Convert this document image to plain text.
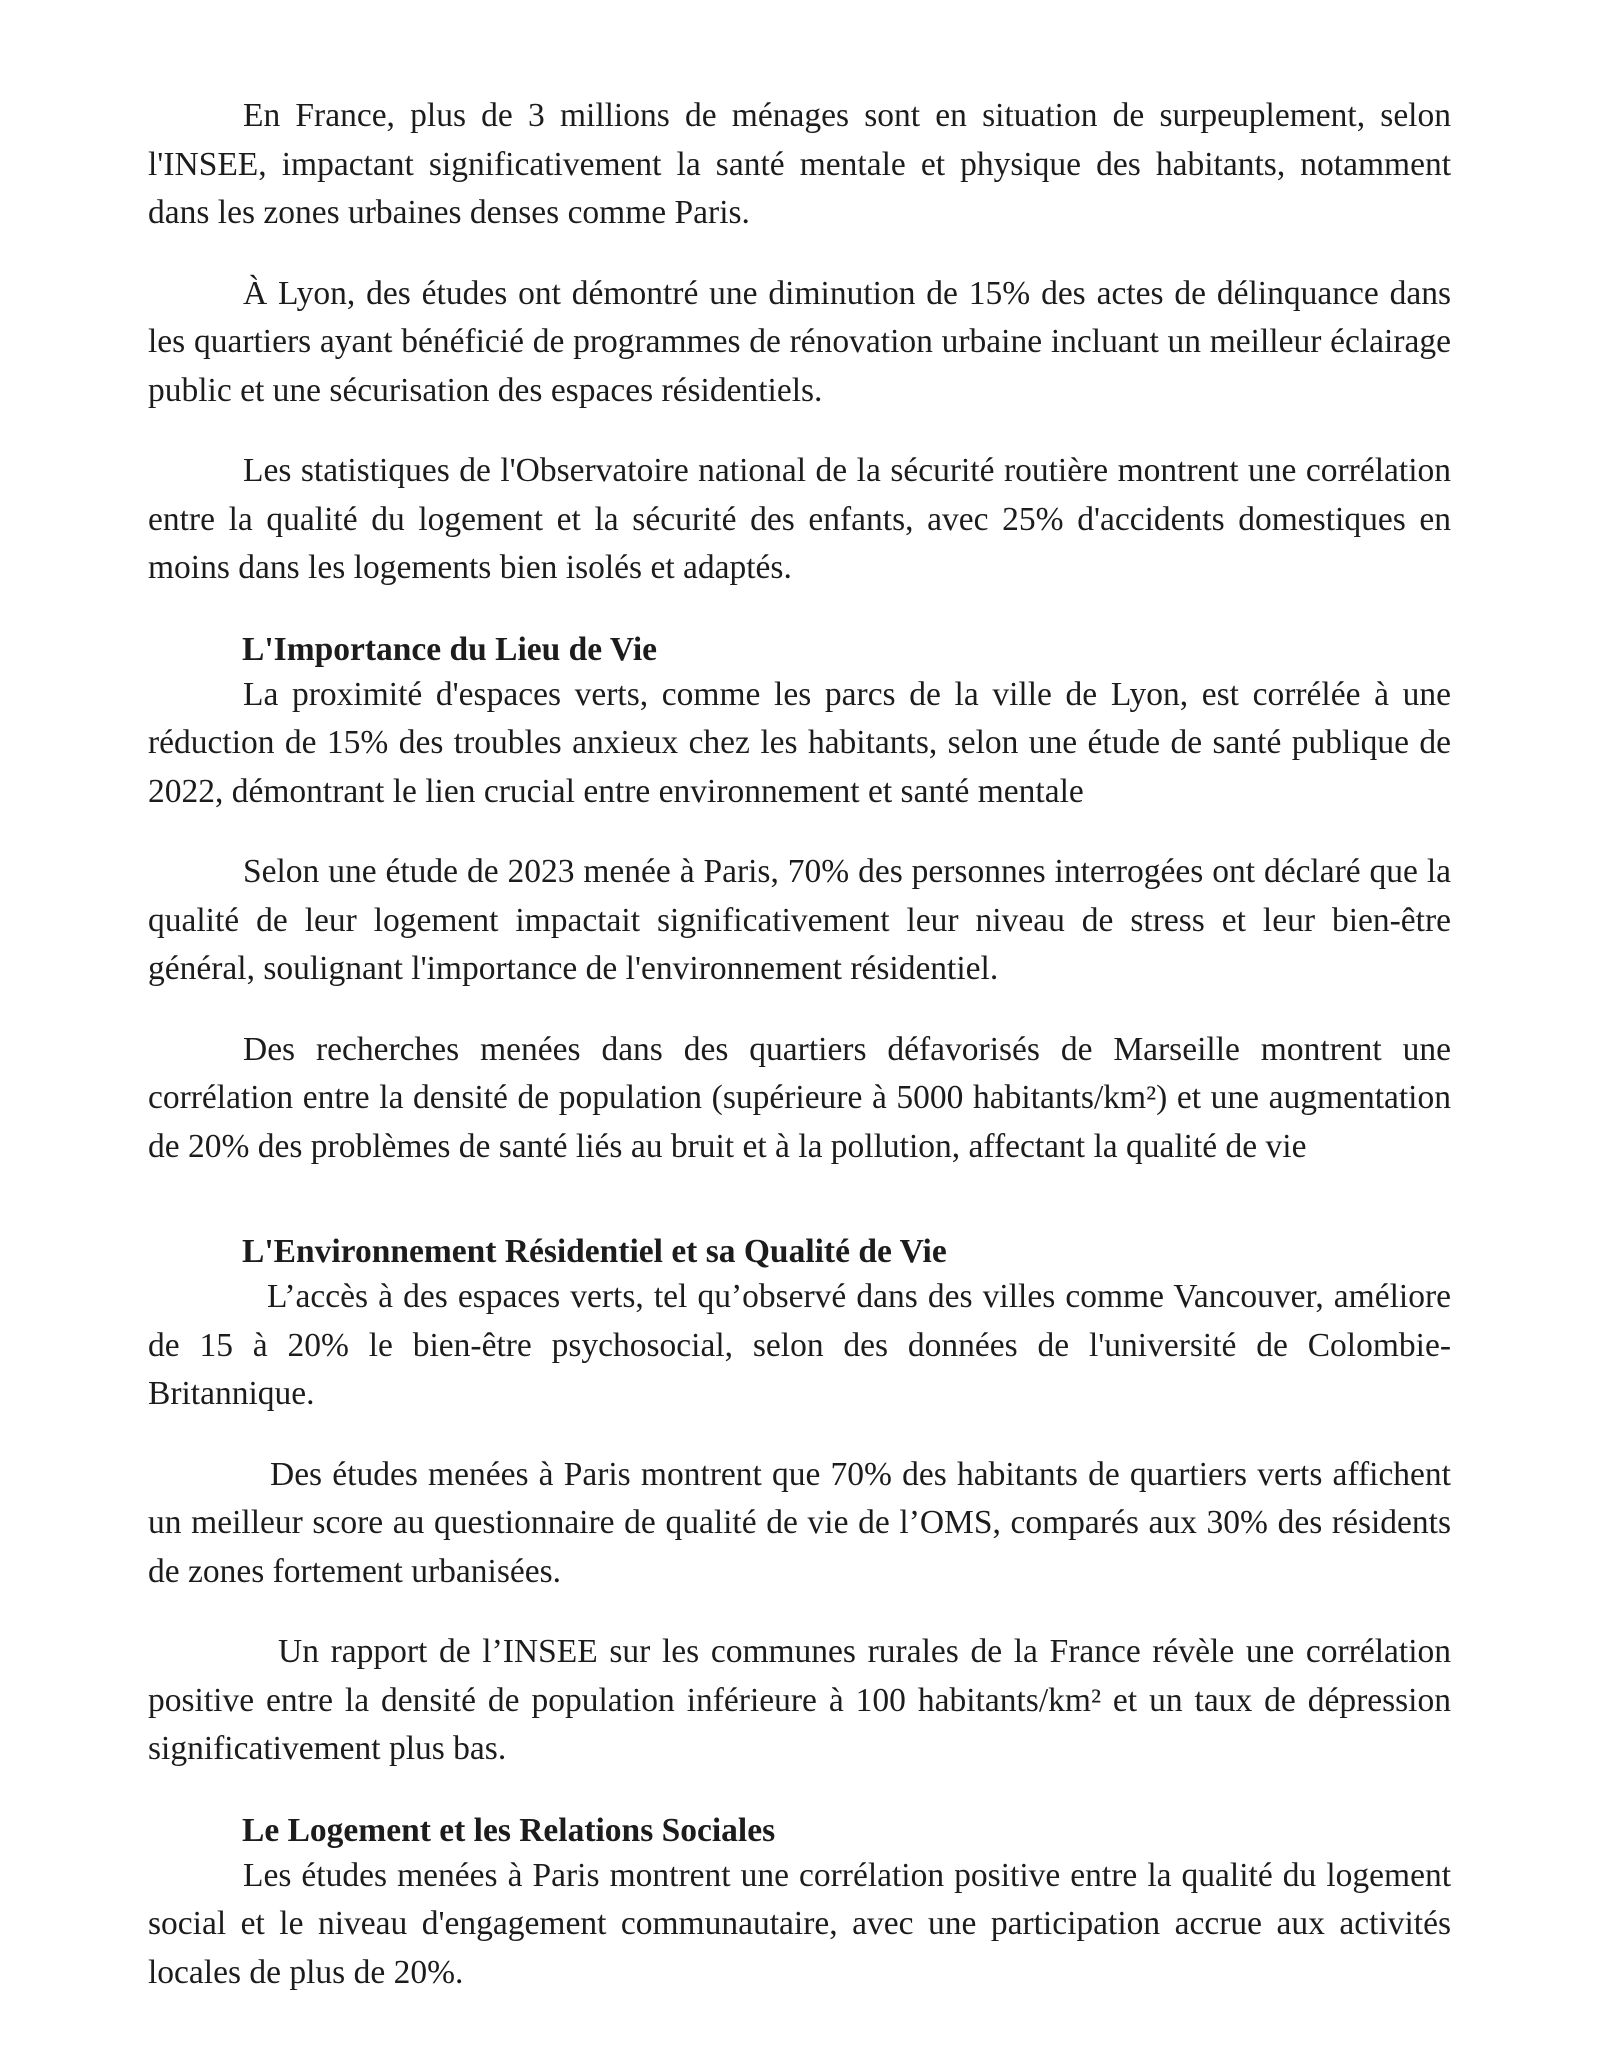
En France, plus de 3 millions de ménages sont en situation de surpeuplement, selon l'INSEE, impactant significativement la santé mentale et physique des habitants, notamment dans les zones urbaines denses comme Paris.

À Lyon, des études ont démontré une diminution de 15% des actes de délinquance dans les quartiers ayant bénéficié de programmes de rénovation urbaine incluant un meilleur éclairage public et une sécurisation des espaces résidentiels.

Les statistiques de l'Observatoire national de la sécurité routière montrent une corrélation entre la qualité du logement et la sécurité des enfants, avec 25% d'accidents domestiques en moins dans les logements bien isolés et adaptés.

L'Importance du Lieu de Vie

La proximité d'espaces verts, comme les parcs de la ville de Lyon, est corrélée à une réduction de 15% des troubles anxieux chez les habitants, selon une étude de santé publique de 2022, démontrant le lien crucial entre environnement et santé mentale

Selon une étude de 2023 menée à Paris, 70% des personnes interrogées ont déclaré que la qualité de leur logement impactait significativement leur niveau de stress et leur bien-être général, soulignant l'importance de l'environnement résidentiel.

Des recherches menées dans des quartiers défavorisés de Marseille montrent une corrélation entre la densité de population (supérieure à 5000 habitants/km²) et une augmentation de 20% des problèmes de santé liés au bruit et à la pollution, affectant la qualité de vie

L'Environnement Résidentiel et sa Qualité de Vie

L’accès à des espaces verts, tel qu’observé dans des villes comme Vancouver, améliore de 15 à 20% le bien-être psychosocial, selon des données de l'université de Colombie-Britannique.

Des études menées à Paris montrent que 70% des habitants de quartiers verts affichent un meilleur score au questionnaire de qualité de vie de l’OMS, comparés aux 30% des résidents de zones fortement urbanisées.

Un rapport de l’INSEE sur les communes rurales de la France révèle une corrélation positive entre la densité de population inférieure à 100 habitants/km² et un taux de dépression significativement plus bas.

Le Logement et les Relations Sociales

Les études menées à Paris montrent une corrélation positive entre la qualité du logement social et le niveau d'engagement communautaire, avec une participation accrue aux activités locales de plus de 20%.
